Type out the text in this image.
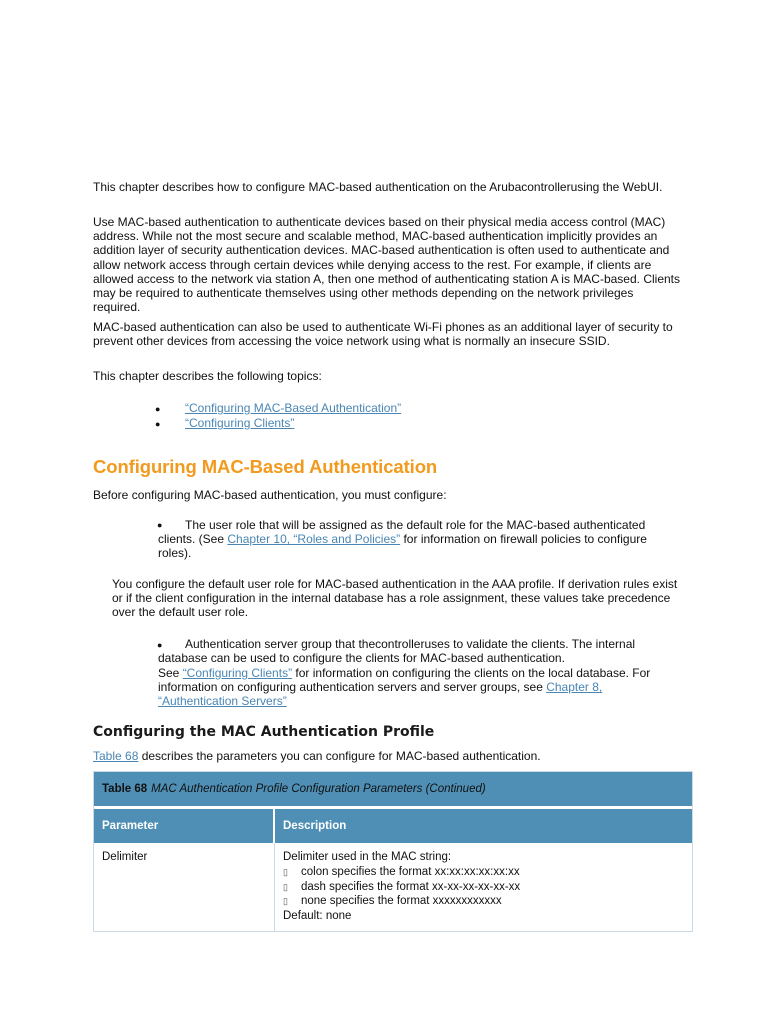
This chapter describes how to configure MAC-based authentication on the Arubacontrollerusing the WebUI.

Use MAC-based authentication to authenticate devices based on their physical media access control (MAC) address. While not the most secure and scalable method, MAC-based authentication implicitly provides an addition layer of security authentication devices. MAC-based authentication is often used to authenticate and allow network access through certain devices while denying access to the rest. For example, if clients are allowed access to the network via station A, then one method of authenticating station A is MAC-based. Clients may be required to authenticate themselves using other methods depending on the network privileges required.

MAC-based authentication can also be used to authenticate Wi-Fi phones as an additional layer of security to prevent other devices from accessing the voice network using what is normally an insecure SSID.

This chapter describes the following topics:

● “Configuring MAC-Based Authentication”
● “Configuring Clients”
Configuring MAC-Based Authentication

Before configuring MAC-based authentication, you must configure:

●	The user role that will be assigned as the default role for the MAC-based authenticated clients. (See Chapter 10, “Roles and Policies” for information on firewall policies to configure roles).

You configure the default user role for MAC-based authentication in the AAA profile. If derivation rules exist or if the client configuration in the internal database has a role assignment, these values take precedence over the default user role.

●	Authentication server group that thecontrolleruses to validate the clients. The internal database can be used to configure the clients for MAC-based authentication.
See “Configuring Clients” for information on configuring the clients on the local database. For information on configuring authentication servers and server groups, see Chapter 8, “Authentication Servers”
Configuring the MAC Authentication Profile

Table 68 describes the parameters you can configure for MAC-based authentication.

Table 68 MAC Authentication Profile Configuration Parameters (Continued)
Parameter	Description
Delimiter	Delimiter used in the MAC string:
▯ colon specifies the format xx:xx:xx:xx:xx:xx
▯ dash specifies the format xx-xx-xx-xx-xx-xx
▯ none specifies the format xxxxxxxxxxxx
Default: none
